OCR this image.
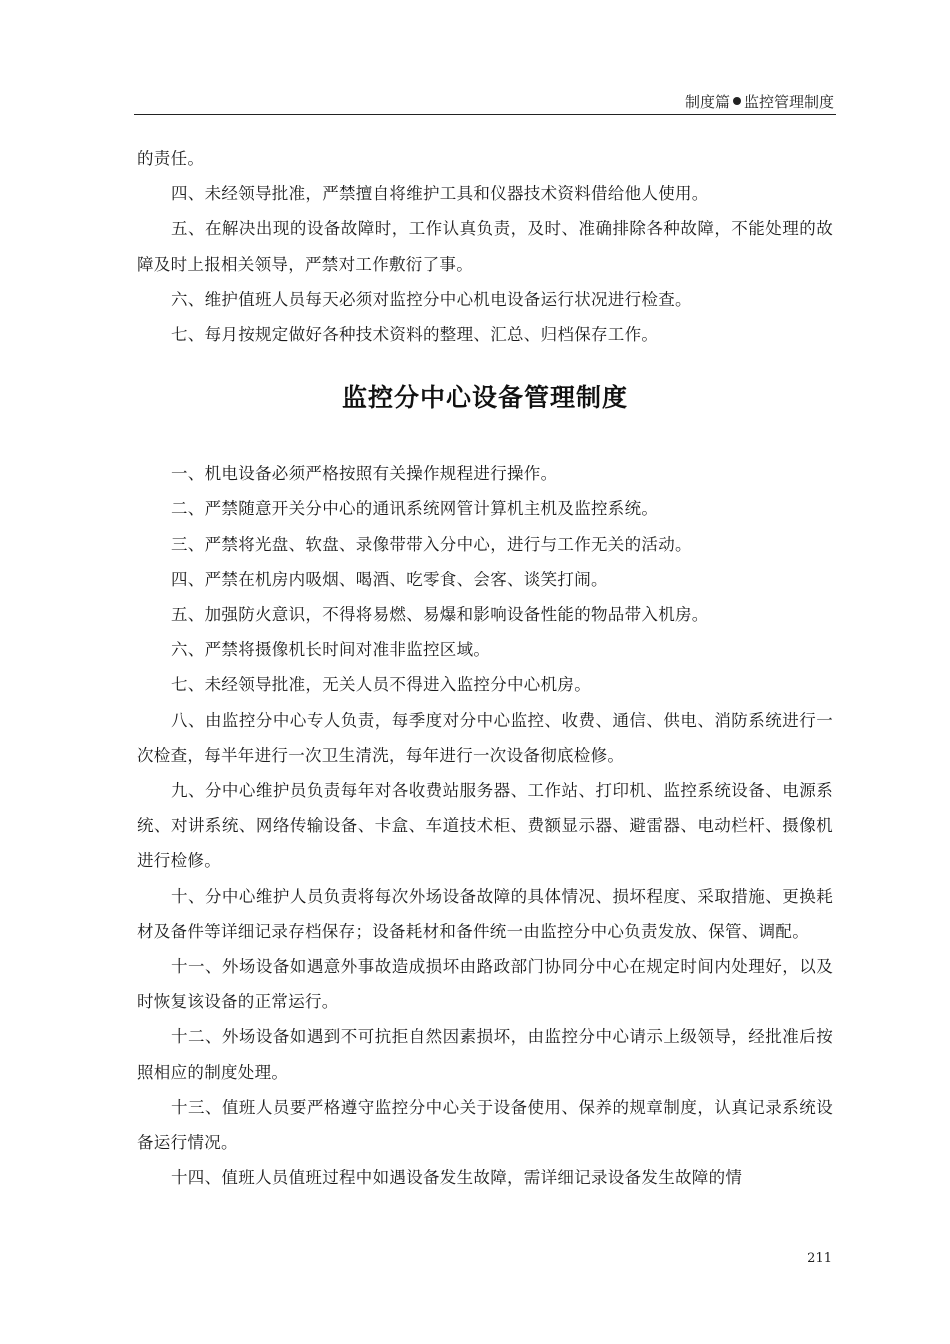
制度篇 监控管理制度

的责任。

四、未经领导批准，严禁擅自将维护工具和仪器技术资料借给他人使用。

五、在解决出现的设备故障时，工作认真负责，及时、准确排除各种故障，不能处理的故障及时上报相关领导，严禁对工作敷衍了事。

六、维护值班人员每天必须对监控分中心机电设备运行状况进行检查。

七、每月按规定做好各种技术资料的整理、汇总、归档保存工作。

监控分中心设备管理制度

一、机电设备必须严格按照有关操作规程进行操作。

二、严禁随意开关分中心的通讯系统网管计算机主机及监控系统。

三、严禁将光盘、软盘、录像带带入分中心，进行与工作无关的活动。

四、严禁在机房内吸烟、喝酒、吃零食、会客、谈笑打闹。

五、加强防火意识，不得将易燃、易爆和影响设备性能的物品带入机房。

六、严禁将摄像机长时间对准非监控区域。

七、未经领导批准，无关人员不得进入监控分中心机房。

八、由监控分中心专人负责，每季度对分中心监控、收费、通信、供电、消防系统进行一次检查，每半年进行一次卫生清洗，每年进行一次设备彻底检修。

九、分中心维护员负责每年对各收费站服务器、工作站、打印机、监控系统设备、电源系统、对讲系统、网络传输设备、卡盒、车道技术柜、费额显示器、避雷器、电动栏杆、摄像机进行检修。

十、分中心维护人员负责将每次外场设备故障的具体情况、损坏程度、采取措施、更换耗材及备件等详细记录存档保存；设备耗材和备件统一由监控分中心负责发放、保管、调配。

十一、外场设备如遇意外事故造成损坏由路政部门协同分中心在规定时间内处理好，以及时恢复该设备的正常运行。

十二、外场设备如遇到不可抗拒自然因素损坏，由监控分中心请示上级领导，经批准后按照相应的制度处理。

十三、值班人员要严格遵守监控分中心关于设备使用、保养的规章制度，认真记录系统设备运行情况。

十四、值班人员值班过程中如遇设备发生故障，需详细记录设备发生故障的情

211
